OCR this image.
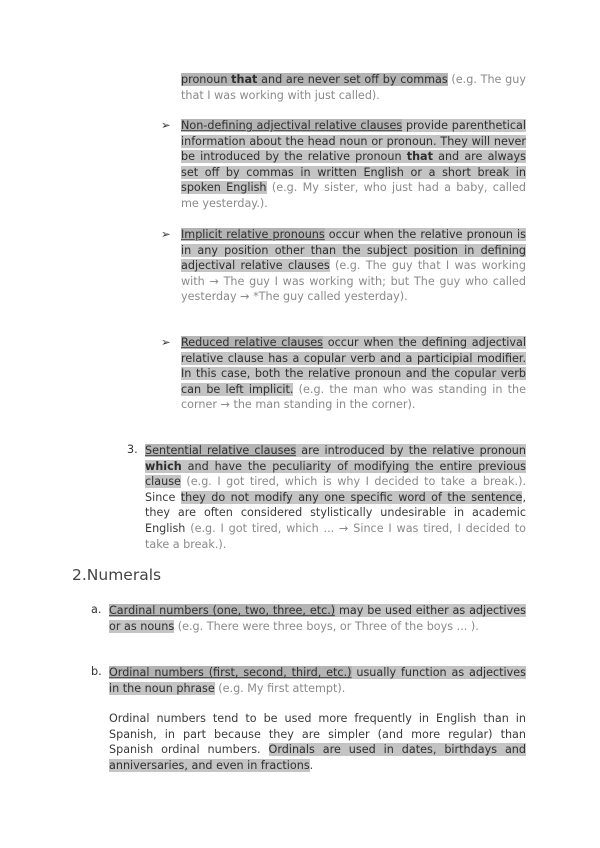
pronoun that and are never set off by commas (e.g. The guy that I was working with just called).

➢ Non-defining adjectival relative clauses provide parenthetical information about the head noun or pronoun. They will never be introduced by the relative pronoun that and are always set off by commas in written English or a short break in spoken English (e.g. My sister, who just had a baby, called me yesterday.).

➢ Implicit relative pronouns occur when the relative pronoun is in any position other than the subject position in defining adjectival relative clauses (e.g. The guy that I was working with → The guy I was working with; but The guy who called yesterday → *The guy called yesterday).

➢ Reduced relative clauses occur when the defining adjectival relative clause has a copular verb and a participial modifier. In this case, both the relative pronoun and the copular verb can be left implicit. (e.g. the man who was standing in the corner → the man standing in the corner).

3. Sentential relative clauses are introduced by the relative pronoun which and have the peculiarity of modifying the entire previous clause (e.g. I got tired, which is why I decided to take a break.). Since they do not modify any one specific word of the sentence, they are often considered stylistically undesirable in academic English (e.g. I got tired, which ... → Since I was tired, I decided to take a break.).

2.Numerals
a. Cardinal numbers (one, two, three, etc.) may be used either as adjectives or as nouns (e.g. There were three boys, or Three of the boys ... ).

b. Ordinal numbers (first, second, third, etc.) usually function as adjectives in the noun phrase (e.g. My first attempt).

Ordinal numbers tend to be used more frequently in English than in Spanish, in part because they are simpler (and more regular) than Spanish ordinal numbers. Ordinals are used in dates, birthdays and anniversaries, and even in fractions.
